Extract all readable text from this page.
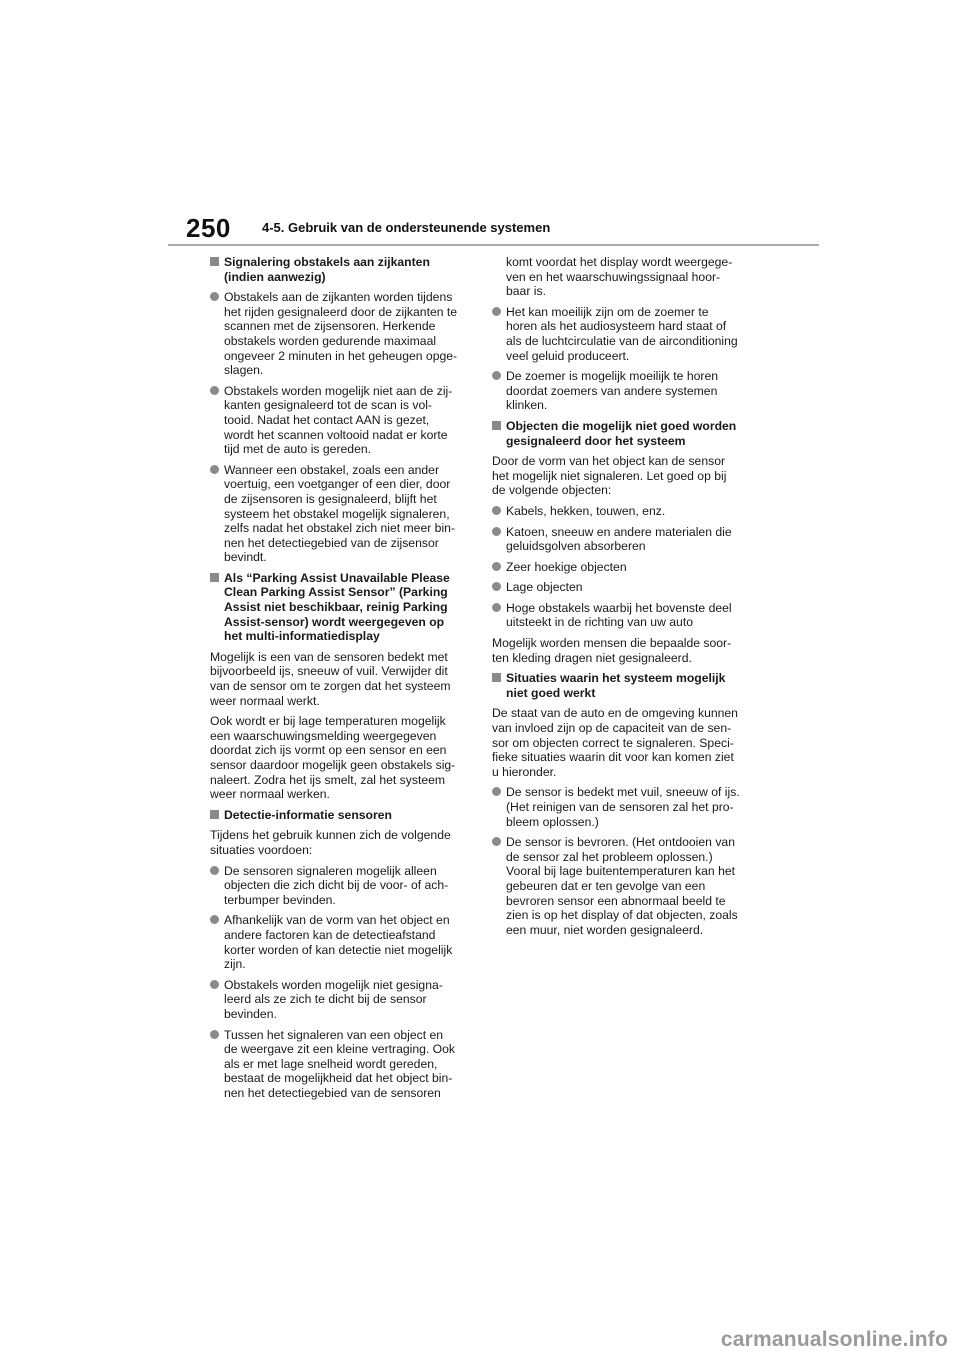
250 4-5. Gebruik van de ondersteunende systemen
Signalering obstakels aan zijkanten
(indien aanwezig)
Obstakels aan de zijkanten worden tijdens
het rijden gesignaleerd door de zijkanten te
scannen met de zijsensoren. Herkende
obstakels worden gedurende maximaal
ongeveer 2 minuten in het geheugen opge-
slagen.
Obstakels worden mogelijk niet aan de zij-
kanten gesignaleerd tot de scan is vol-
tooid. Nadat het contact AAN is gezet,
wordt het scannen voltooid nadat er korte
tijd met de auto is gereden.
Wanneer een obstakel, zoals een ander
voertuig, een voetganger of een dier, door
de zijsensoren is gesignaleerd, blijft het
systeem het obstakel mogelijk signaleren,
zelfs nadat het obstakel zich niet meer bin-
nen het detectiegebied van de zijsensor
bevindt.
Als “Parking Assist Unavailable Please
Clean Parking Assist Sensor” (Parking
Assist niet beschikbaar, reinig Parking
Assist-sensor) wordt weergegeven op
het multi-informatiedisplay
Mogelijk is een van de sensoren bedekt met
bijvoorbeeld ijs, sneeuw of vuil. Verwijder dit
van de sensor om te zorgen dat het systeem
weer normaal werkt.
Ook wordt er bij lage temperaturen mogelijk
een waarschuwingsmelding weergegeven
doordat zich ijs vormt op een sensor en een
sensor daardoor mogelijk geen obstakels sig-
naleert. Zodra het ijs smelt, zal het systeem
weer normaal werken.
Detectie-informatie sensoren
Tijdens het gebruik kunnen zich de volgende
situaties voordoen:
De sensoren signaleren mogelijk alleen
objecten die zich dicht bij de voor- of ach-
terbumper bevinden.
Afhankelijk van de vorm van het object en
andere factoren kan de detectieafstand
korter worden of kan detectie niet mogelijk
zijn.
Obstakels worden mogelijk niet gesigna-
leerd als ze zich te dicht bij de sensor
bevinden.
Tussen het signaleren van een object en
de weergave zit een kleine vertraging. Ook
als er met lage snelheid wordt gereden,
bestaat de mogelijkheid dat het object bin-
nen het detectiegebied van de sensoren
komt voordat het display wordt weergege-
ven en het waarschuwingssignaal hoor-
baar is.
Het kan moeilijk zijn om de zoemer te
horen als het audiosysteem hard staat of
als de luchtcirculatie van de airconditioning
veel geluid produceert.
De zoemer is mogelijk moeilijk te horen
doordat zoemers van andere systemen
klinken.
Objecten die mogelijk niet goed worden
gesignaleerd door het systeem
Door de vorm van het object kan de sensor
het mogelijk niet signaleren. Let goed op bij
de volgende objecten:
Kabels, hekken, touwen, enz.
Katoen, sneeuw en andere materialen die
geluidsgolven absorberen
Zeer hoekige objecten
Lage objecten
Hoge obstakels waarbij het bovenste deel
uitsteekt in de richting van uw auto
Mogelijk worden mensen die bepaalde soor-
ten kleding dragen niet gesignaleerd.
Situaties waarin het systeem mogelijk
niet goed werkt
De staat van de auto en de omgeving kunnen
van invloed zijn op de capaciteit van de sen-
sor om objecten correct te signaleren. Speci-
fieke situaties waarin dit voor kan komen ziet
u hieronder.
De sensor is bedekt met vuil, sneeuw of ijs.
(Het reinigen van de sensoren zal het pro-
bleem oplossen.)
De sensor is bevroren. (Het ontdooien van
de sensor zal het probleem oplossen.)
Vooral bij lage buitentemperaturen kan het
gebeuren dat er ten gevolge van een
bevroren sensor een abnormaal beeld te
zien is op het display of dat objecten, zoals
een muur, niet worden gesignaleerd.
carmanualsonline.info
